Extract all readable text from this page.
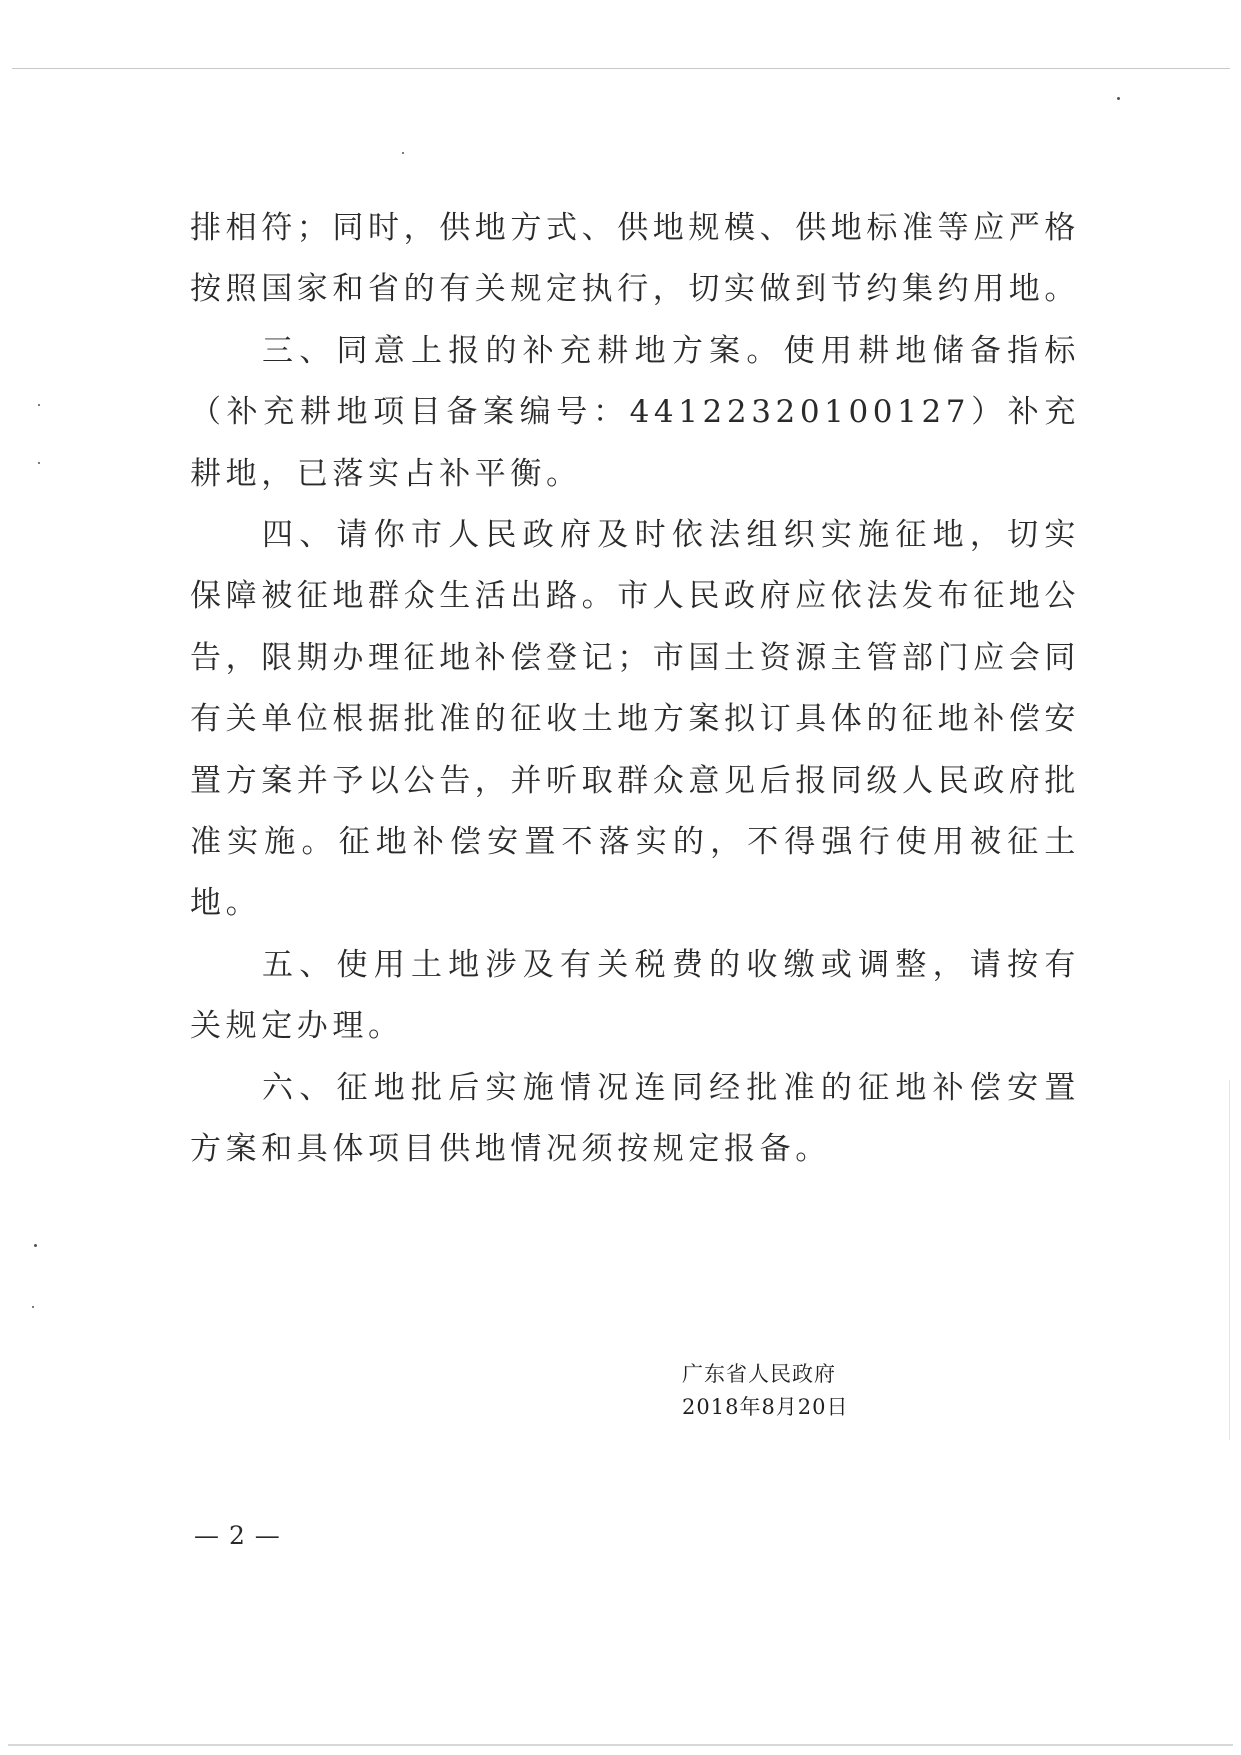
排相符；同时，供地方式、供地规模、供地标准等应严格按照国家和省的有关规定执行，切实做到节约集约用地。

三、同意上报的补充耕地方案。使用耕地储备指标（补充耕地项目备案编号：44122320100127）补充耕地，已落实占补平衡。

四、请你市人民政府及时依法组织实施征地，切实保障被征地群众生活出路。市人民政府应依法发布征地公告，限期办理征地补偿登记；市国土资源主管部门应会同有关单位根据批准的征收土地方案拟订具体的征地补偿安置方案并予以公告，并听取群众意见后报同级人民政府批准实施。征地补偿安置不落实的，不得强行使用被征土地。

五、使用土地涉及有关税费的收缴或调整，请按有关规定办理。

六、征地批后实施情况连同经批准的征地补偿安置方案和具体项目供地情况须按规定报备。

广东省人民政府
2018年8月20日
— 2 —
